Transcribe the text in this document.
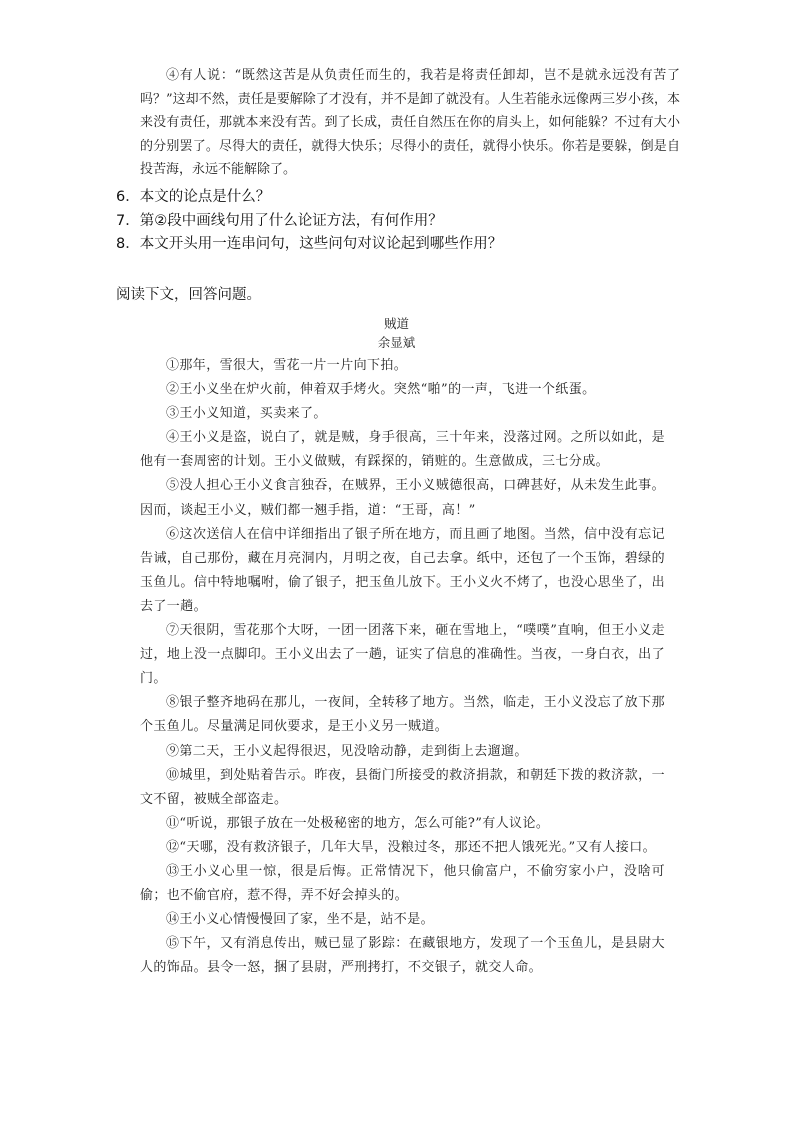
④有人说：“既然这苦是从负责任而生的，我若是将责任卸却，岂不是就永远没有苦了吗？”这却不然，责任是要解除了才没有，并不是卸了就没有。人生若能永远像两三岁小孩，本来没有责任，那就本来没有苦。到了长成，责任自然压在你的肩头上，如何能躲？不过有大小的分别罢了。尽得大的责任，就得大快乐；尽得小的责任，就得小快乐。你若是要躲，倒是自投苦海，永远不能解除了。

6．本文的论点是什么？

7．第②段中画线句用了什么论证方法，有何作用？

8．本文开头用一连串问句，这些问句对议论起到哪些作用？

阅读下文，回答问题。

贼道

余显斌

①那年，雪很大，雪花一片一片向下拍。

②王小义坐在炉火前，伸着双手烤火。突然“啪”的一声，飞进一个纸蛋。

③王小义知道，买卖来了。

④王小义是盗，说白了，就是贼，身手很高，三十年来，没落过网。之所以如此，是他有一套周密的计划。王小义做贼，有踩探的，销赃的。生意做成，三七分成。

⑤没人担心王小义食言独吞，在贼界，王小义贼德很高，口碑甚好，从未发生此事。因而，谈起王小义，贼们都一翘手指，道：“王哥，高！”

⑥这次送信人在信中详细指出了银子所在地方，而且画了地图。当然，信中没有忘记告诫，自己那份，藏在月亮洞内，月明之夜，自己去拿。纸中，还包了一个玉饰，碧绿的玉鱼儿。信中特地嘱咐，偷了银子，把玉鱼儿放下。王小义火不烤了，也没心思坐了，出去了一趟。

⑦天很阴，雪花那个大呀，一团一团落下来，砸在雪地上，“噗噗”直响，但王小义走过，地上没一点脚印。王小义出去了一趟，证实了信息的准确性。当夜，一身白衣，出了门。

⑧银子整齐地码在那儿，一夜间，全转移了地方。当然，临走，王小义没忘了放下那个玉鱼儿。尽量满足同伙要求，是王小义另一贼道。

⑨第二天，王小义起得很迟，见没啥动静，走到街上去遛遛。

⑩城里，到处贴着告示。昨夜，县衙门所接受的救济捐款，和朝廷下拨的救济款，一文不留，被贼全部盗走。

⑪“听说，那银子放在一处极秘密的地方，怎么可能?”有人议论。

⑫“天哪，没有救济银子，几年大旱，没粮过冬，那还不把人饿死光。”又有人接口。

⑬王小义心里一惊，很是后悔。正常情况下，他只偷富户，不偷穷家小户，没啥可偷；也不偷官府，惹不得，弄不好会掉头的。

⑭王小义心情慢慢回了家，坐不是，站不是。

⑮下午，又有消息传出，贼已显了影踪：在藏银地方，发现了一个玉鱼儿，是县尉大人的饰品。县令一怒，捆了县尉，严刑拷打，不交银子，就交人命。
